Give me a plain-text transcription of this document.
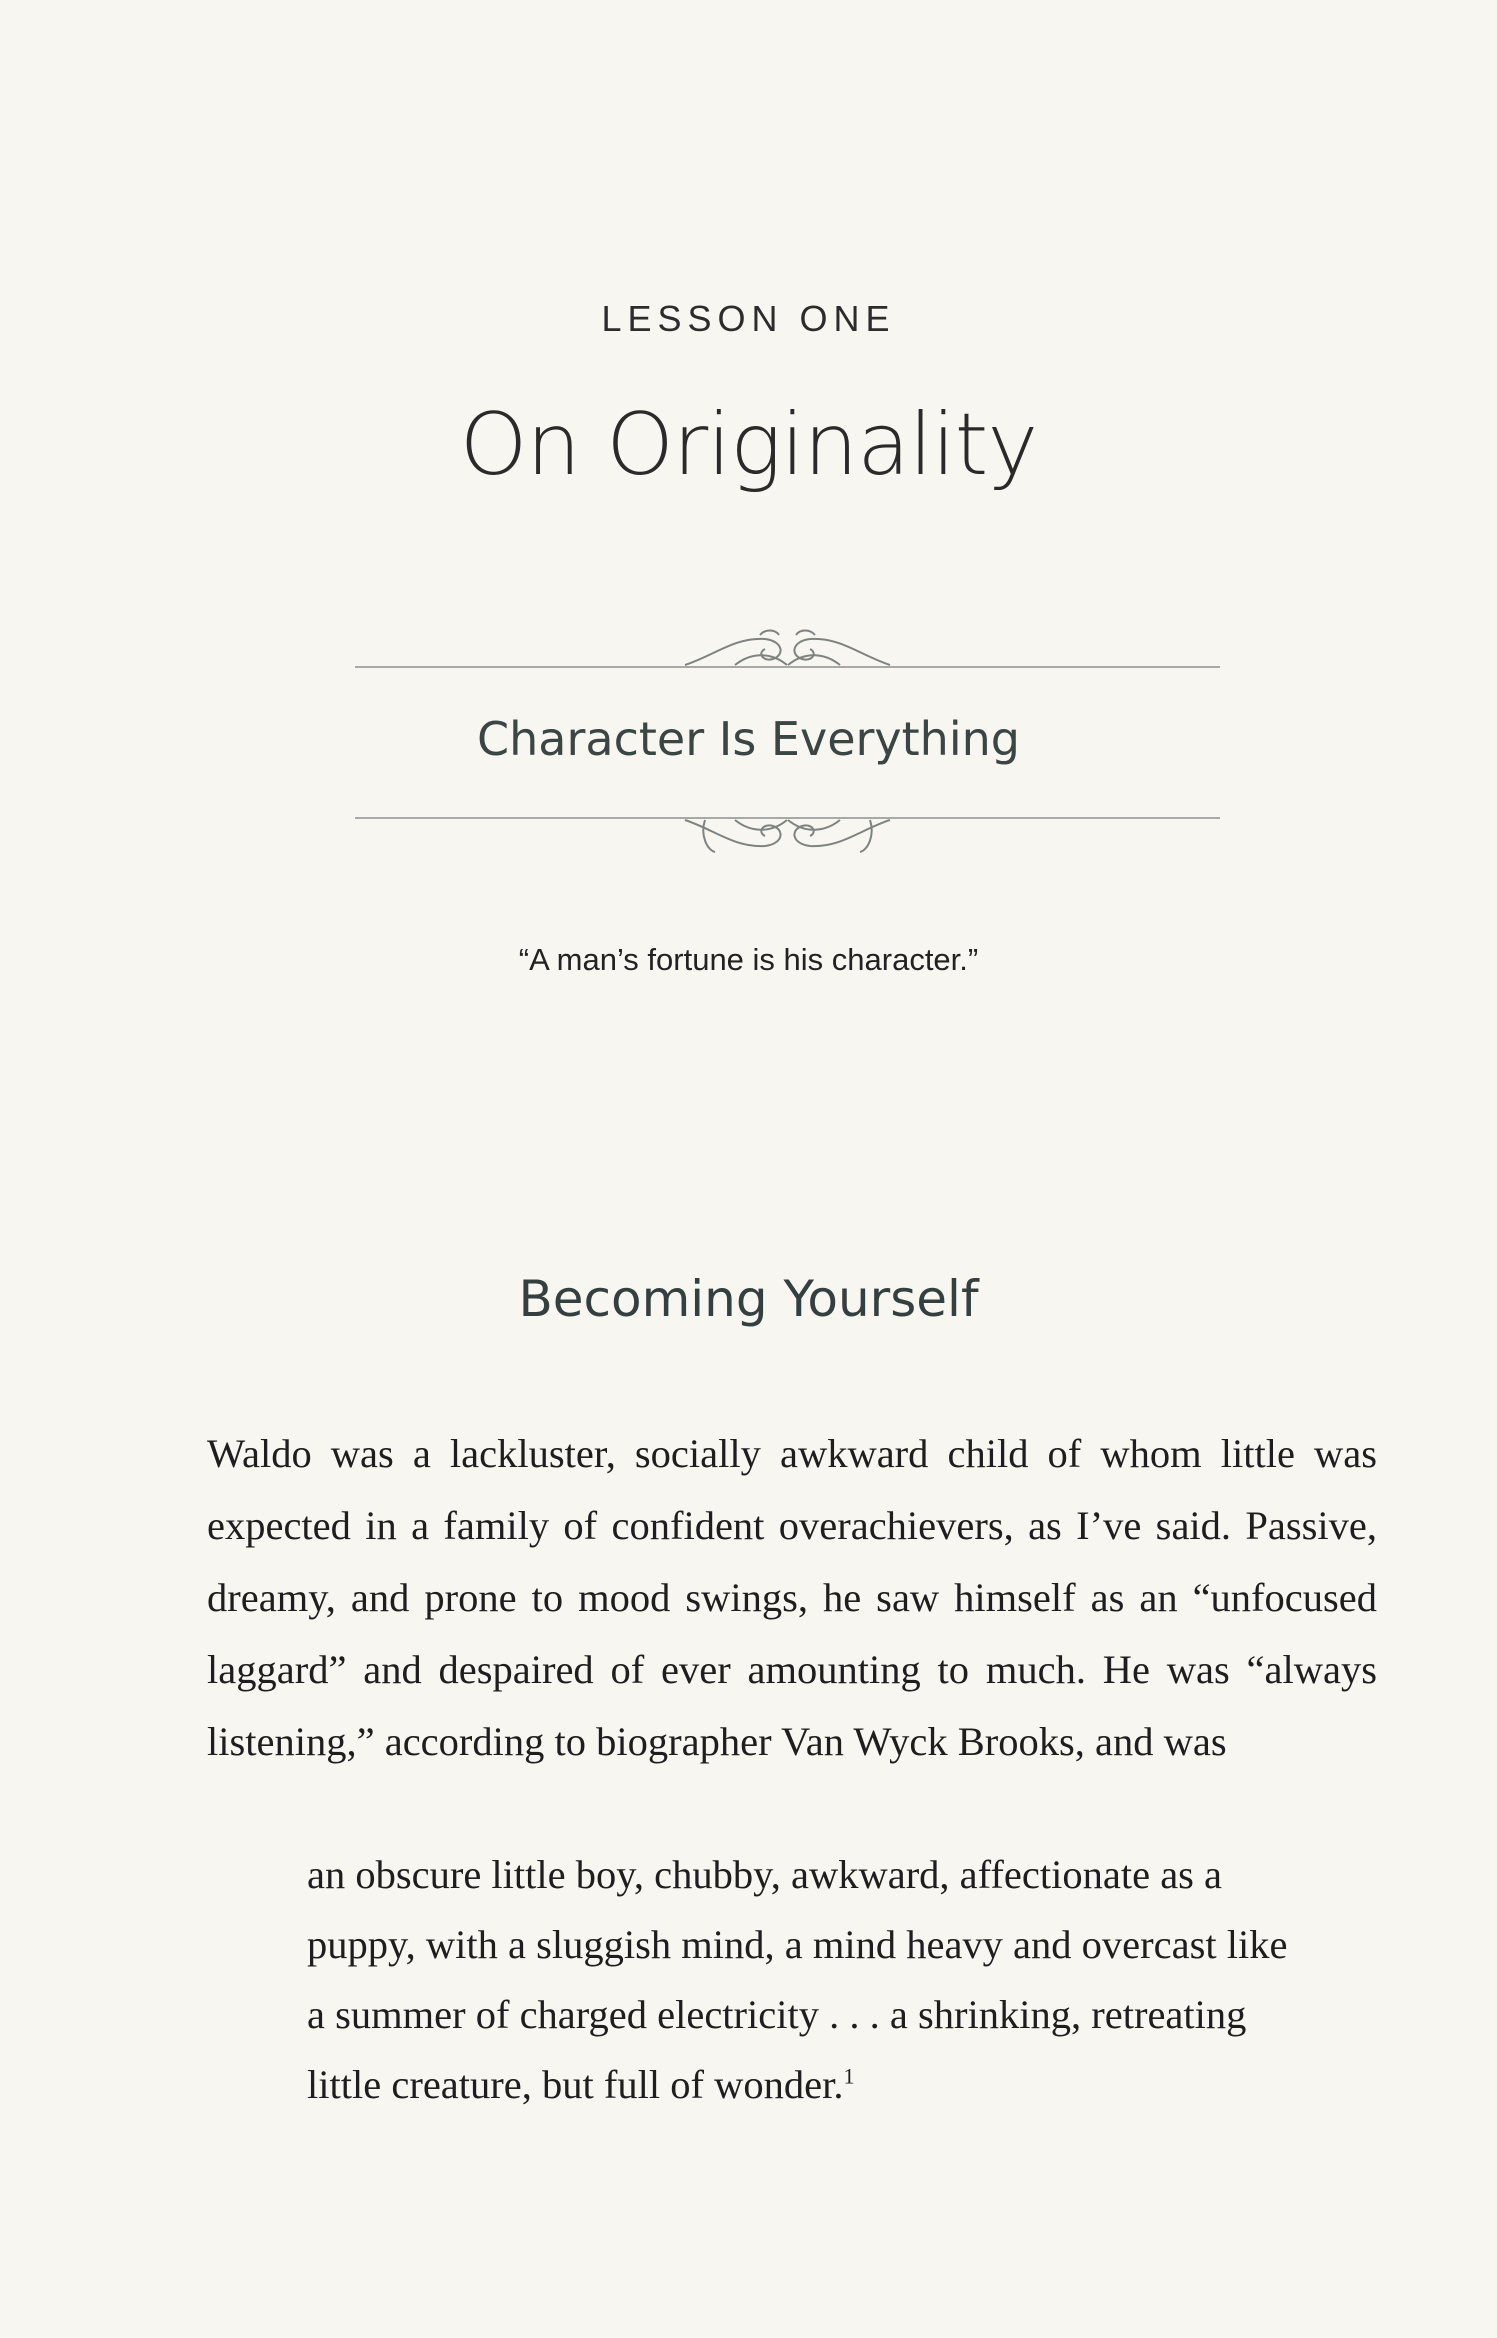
LESSON ONE
On Originality
Character Is Everything
“A man’s fortune is his character.”
Becoming Yourself
Waldo was a lackluster, socially awkward child of whom little was expected in a family of confident overachievers, as I’ve said. Passive, dreamy, and prone to mood swings, he saw himself as an “unfocused laggard” and despaired of ever amounting to much. He was “always listening,” according to biographer Van Wyck Brooks, and was

an obscure little boy, chubby, awkward, affectionate as a puppy, with a sluggish mind, a mind heavy and overcast like a summer of charged electricity . . . a shrinking, retreating little creature, but full of wonder.$^1$
